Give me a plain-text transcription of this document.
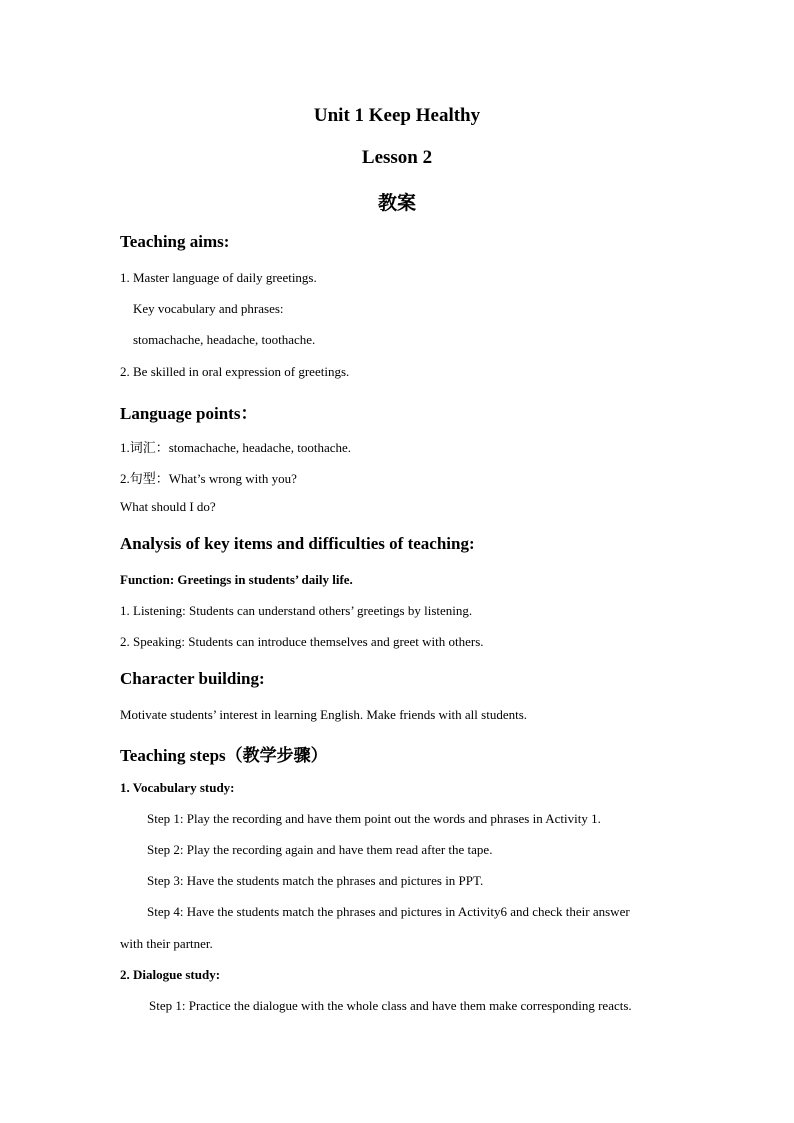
Unit 1 Keep Healthy
Lesson 2
教案
Teaching aims:
1. Master language of daily greetings.
Key vocabulary and phrases:
stomachache, headache, toothache.
2. Be skilled in oral expression of greetings.
Language points：
1.词汇：stomachache, headache, toothache.
2.句型：What’s wrong with you?
What should I do?
Analysis of key items and difficulties of teaching:
Function: Greetings in students’ daily life.
1. Listening: Students can understand others’ greetings by listening.
2. Speaking: Students can introduce themselves and greet with others.
Character building:
Motivate students’ interest in learning English. Make friends with all students.
Teaching steps（教学步骤）
1. Vocabulary study:
Step 1: Play the recording and have them point out the words and phrases in Activity 1.
Step 2: Play the recording again and have them read after the tape.
Step 3: Have the students match the phrases and pictures in PPT.
Step 4: Have the students match the phrases and pictures in Activity6 and check their answer
with their partner.
2. Dialogue study:
Step 1: Practice the dialogue with the whole class and have them make corresponding reacts.
